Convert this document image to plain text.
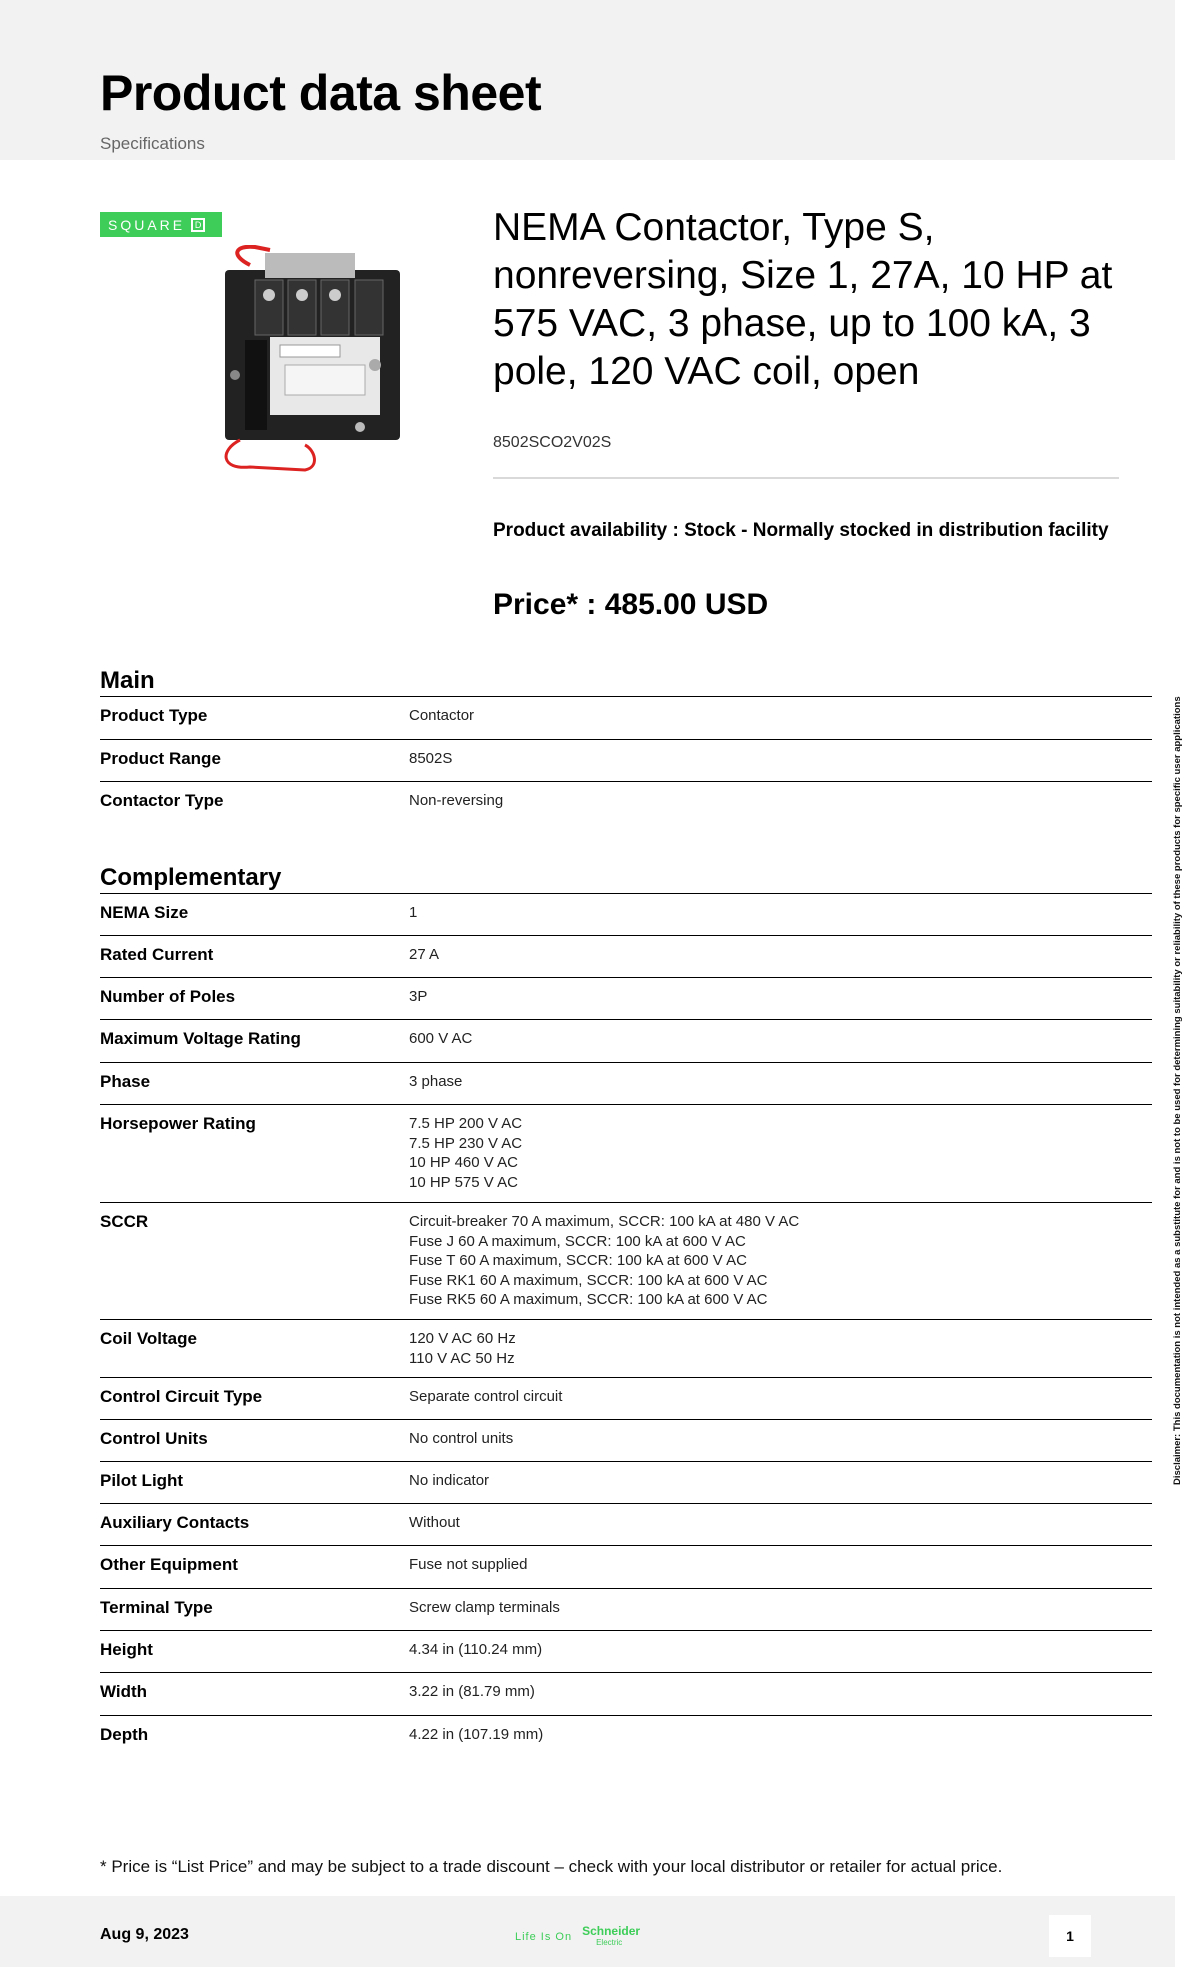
Product data sheet
Specifications
SQUARE	D	NEMA Contactor, Type S, nonreversing, Size 1, 27A, 10 HP at 575 VAC, 3 phase, up to 100 kA, 3 pole, 120 VAC coil, open
8502SCO2V02S
Product availability : Stock - Normally stocked in distribution facility
Price* : 485.00 USD
Main
Product Type	Contactor
Product Range	8502S
Contactor Type	Non-reversing
Complementary
NEMA Size	1
Rated Current	27 A
Number of Poles	3P
Maximum Voltage Rating	600 V AC
Phase	3 phase
Horsepower Rating	7.5 HP 200 V AC
7.5 HP 230 V AC
10 HP 460 V AC
10 HP 575 V AC
SCCR	Circuit-breaker 70 A maximum, SCCR: 100 kA at 480 V AC
Fuse J 60 A maximum, SCCR: 100 kA at 600 V AC
Fuse T 60 A maximum, SCCR: 100 kA at 600 V AC
Fuse RK1 60 A maximum, SCCR: 100 kA at 600 V AC
Fuse RK5 60 A maximum, SCCR: 100 kA at 600 V AC
Coil Voltage	120 V AC 60 Hz
110 V AC 50 Hz
Control Circuit Type	Separate control circuit
Control Units	No control units
Pilot Light	No indicator
Auxiliary Contacts	Without
Other Equipment	Fuse not supplied
Terminal Type	Screw clamp terminals
Height	4.34 in (110.24 mm)
Width	3.22 in (81.79 mm)
Depth	4.22 in (107.19 mm)
Disclaimer: This documentation is not intended as a substitute for and is not to be used for determining suitability or reliability of these products for specific user applications
* Price is “List Price” and may be subject to a trade discount – check with your local distributor or retailer for actual price.
Aug 9, 2023	Life Is On Schneider
Electric	1
